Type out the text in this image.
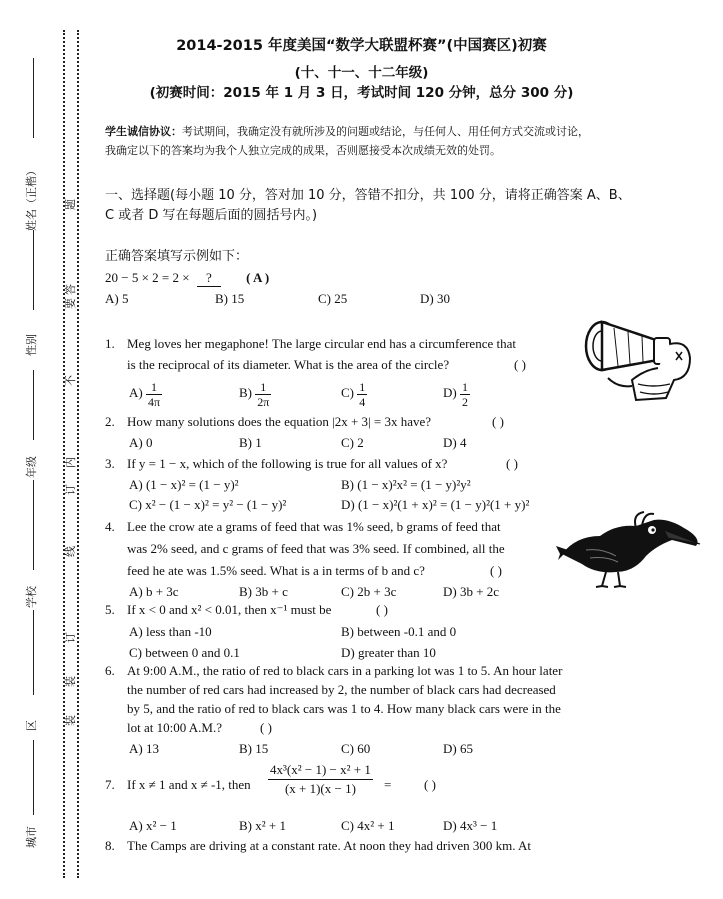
姓名（正楷）
性别
年级
学校
区
城市
题
答
要
不
内
订
线
订
装
装
2014-2015 年度美国“数学大联盟杯赛”(中国赛区)初赛
(十、十一、十二年级)
(初赛时间：2015 年 1 月 3 日，考试时间 120 分钟，总分 300 分)
学生诚信协议：考试期间，我确定没有就所涉及的问题或结论，与任何人、用任何方式交流或讨论，
我确定以下的答案均为我个人独立完成的成果，否则愿接受本次成绩无效的处罚。
一、选择题(每小题 10 分，答对加 10 分，答错不扣分，共 100 分，请将正确答案 A、B、
C 或者 D 写在每题后面的圆括号内。)
正确答案填写示例如下：
20 − 5 × 2 = 2 × ?	( A )
A) 5	B) 15	C) 25	D) 30
1. Meg loves her megaphone! The large circular end has a circumference that
is the reciprocal of its diameter. What is the area of the circle?	( )
$A) \frac{1}{4\pi}$	$B) \frac{1}{2\pi}$	$C) \frac{1}{4}$	$D) \frac{1}{2}$
2. How many solutions does the equation |2x + 3| = 3x have?	( )
A) 0	B) 1	C) 2	D) 4
3. If y = 1 − x, which of the following is true for all values of x?	( )
A) (1 − x)² = (1 − y)²	B) (1 − x)²x² = (1 − y)²y²
C) x² − (1 − x)² = y² − (1 − y)²	D) (1 − x)²(1 + x)² = (1 − y)²(1 + y)²
4. Lee the crow ate a grams of feed that was 1% seed, b grams of feed that
was 2% seed, and c grams of feed that was 3% seed. If combined, all the
feed he ate was 1.5% seed. What is a in terms of b and c?	( )
A) b + 3c	B) 3b + c	C) 2b + 3c	D) 3b + 2c
5. If x < 0 and x² < 0.01, then x⁻¹ must be	( )
A) less than -10	B) between -0.1 and 0
C) between 0 and 0.1	D) greater than 10
6. At 9:00 A.M., the ratio of red to black cars in a parking lot was 1 to 5. An hour later
the number of red cars had increased by 2, the number of black cars had decreased
by 5, and the ratio of red to black cars was 1 to 4. How many black cars were in the
lot at 10:00 A.M.?	( )
A) 13	B) 15	C) 60	D) 65
7. If x ≠ 1 and x ≠ -1, then $\frac{\text{4x³(x² − 1) − x² + 1}}{(x + 1)(x - 1)}$ =	( )
A) x² − 1	B) x² + 1	C) 4x² + 1	D) 4x³ − 1
8. The Camps are driving at a constant rate. At noon they had driven 300 km. At
